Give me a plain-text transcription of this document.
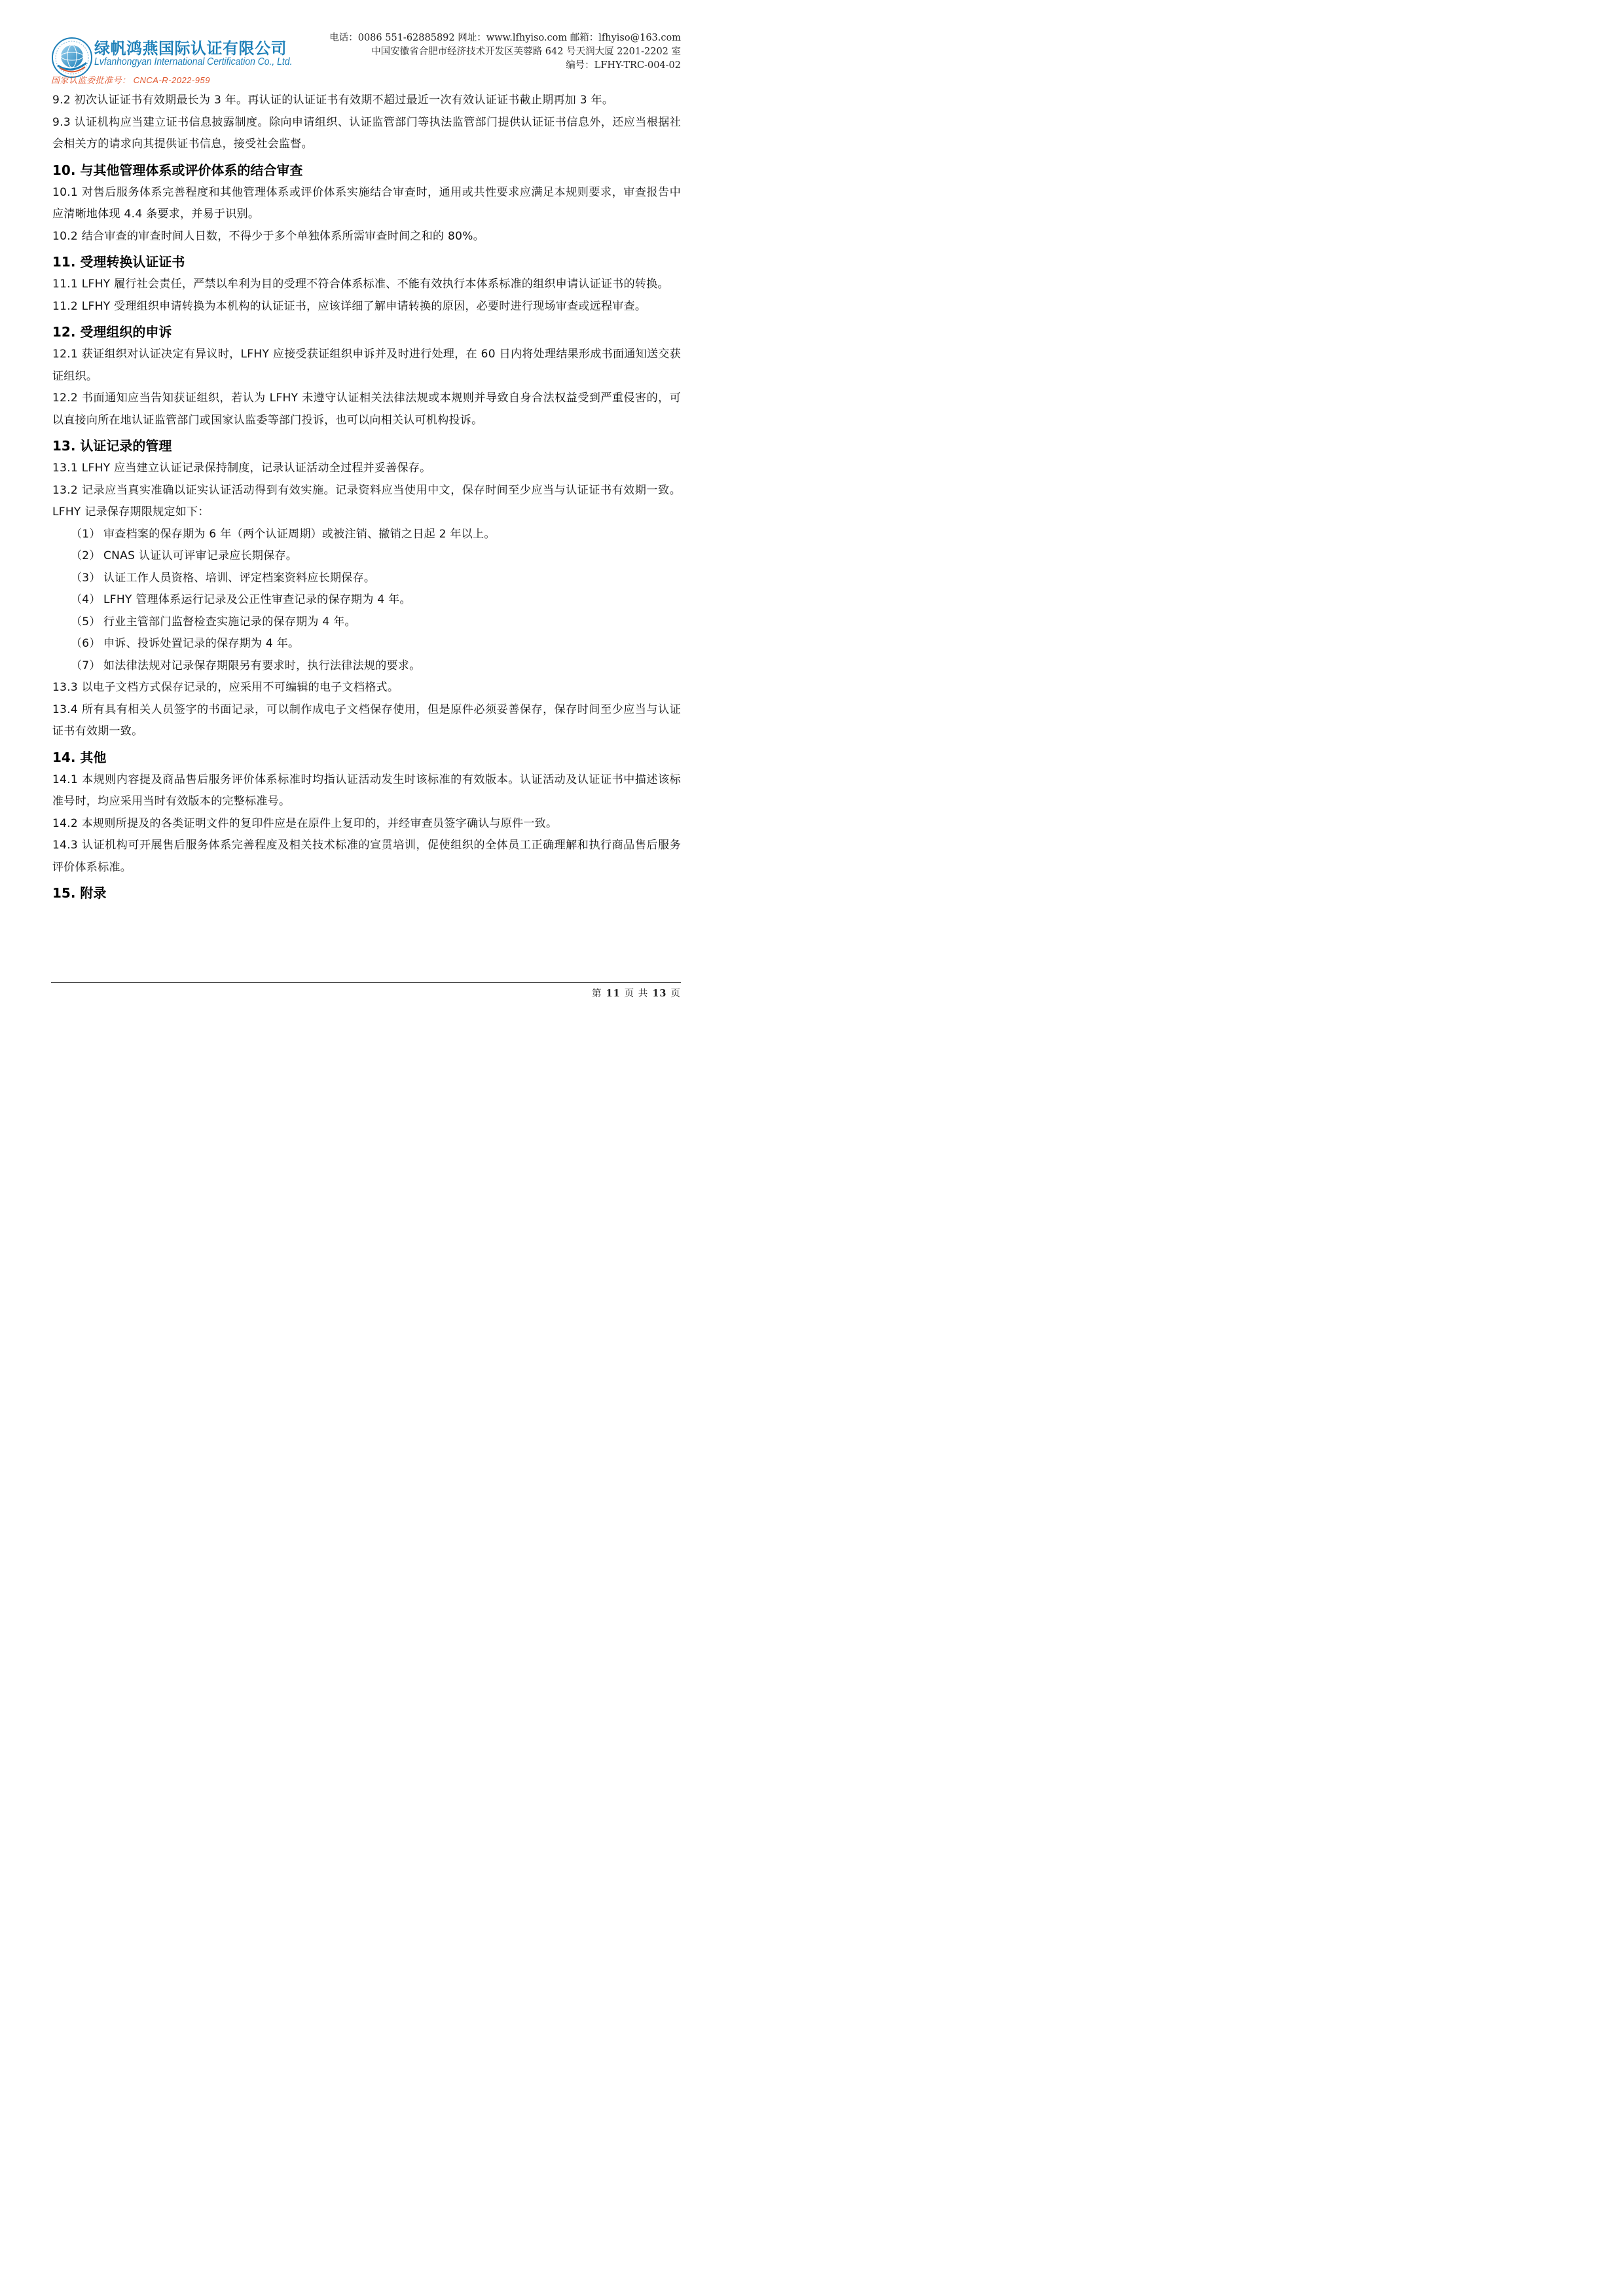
绿帆鸿燕国际认证有限公司
Lvfanhongyan International Certification Co., Ltd.
国家认监委批准号： CNCA-R-2022-959
电话：0086 551-62885892 网址：www.lfhyiso.com 邮箱：lfhyiso@163.com
中国安徽省合肥市经济技术开发区芙蓉路 642 号天润大厦 2201-2202 室
编号：LFHY-TRC-004-02

9.2 初次认证证书有效期最长为 3 年。再认证的认证证书有效期不超过最近一次有效认证证书截止期再加 3 年。

9.3 认证机构应当建立证书信息披露制度。除向申请组织、认证监管部门等执法监管部门提供认证证书信息外，还应当根据社会相关方的请求向其提供证书信息，接受社会监督。

10. 与其他管理体系或评价体系的结合审查

10.1 对售后服务体系完善程度和其他管理体系或评价体系实施结合审查时，通用或共性要求应满足本规则要求，审查报告中应清晰地体现 4.4 条要求，并易于识别。

10.2 结合审查的审查时间人日数，不得少于多个单独体系所需审查时间之和的 80%。

11. 受理转换认证证书

11.1 LFHY 履行社会责任，严禁以牟利为目的受理不符合体系标准、不能有效执行本体系标准的组织申请认证证书的转换。

11.2 LFHY 受理组织申请转换为本机构的认证证书，应该详细了解申请转换的原因，必要时进行现场审查或远程审查。

12. 受理组织的申诉

12.1 获证组织对认证决定有异议时，LFHY 应接受获证组织申诉并及时进行处理，在 60 日内将处理结果形成书面通知送交获证组织。

12.2 书面通知应当告知获证组织，若认为 LFHY 未遵守认证相关法律法规或本规则并导致自身合法权益受到严重侵害的，可以直接向所在地认证监管部门或国家认监委等部门投诉，也可以向相关认可机构投诉。

13. 认证记录的管理

13.1 LFHY 应当建立认证记录保持制度，记录认证活动全过程并妥善保存。

13.2 记录应当真实准确以证实认证活动得到有效实施。记录资料应当使用中文，保存时间至少应当与认证证书有效期一致。LFHY 记录保存期限规定如下：

（1） 审查档案的保存期为 6 年（两个认证周期）或被注销、撤销之日起 2 年以上。

（2） CNAS 认证认可评审记录应长期保存。

（3） 认证工作人员资格、培训、评定档案资料应长期保存。

（4） LFHY 管理体系运行记录及公正性审查记录的保存期为 4 年。

（5） 行业主管部门监督检查实施记录的保存期为 4 年。

（6） 申诉、投诉处置记录的保存期为 4 年。

（7） 如法律法规对记录保存期限另有要求时，执行法律法规的要求。

13.3 以电子文档方式保存记录的，应采用不可编辑的电子文档格式。

13.4 所有具有相关人员签字的书面记录，可以制作成电子文档保存使用，但是原件必须妥善保存，保存时间至少应当与认证证书有效期一致。

14. 其他

14.1 本规则内容提及商品售后服务评价体系标准时均指认证活动发生时该标准的有效版本。认证活动及认证证书中描述该标准号时，均应采用当时有效版本的完整标准号。

14.2 本规则所提及的各类证明文件的复印件应是在原件上复印的，并经审查员签字确认与原件一致。

14.3 认证机构可开展售后服务体系完善程度及相关技术标准的宣贯培训，促使组织的全体员工正确理解和执行商品售后服务评价体系标准。

15. 附录
第 11 页 共 13 页
